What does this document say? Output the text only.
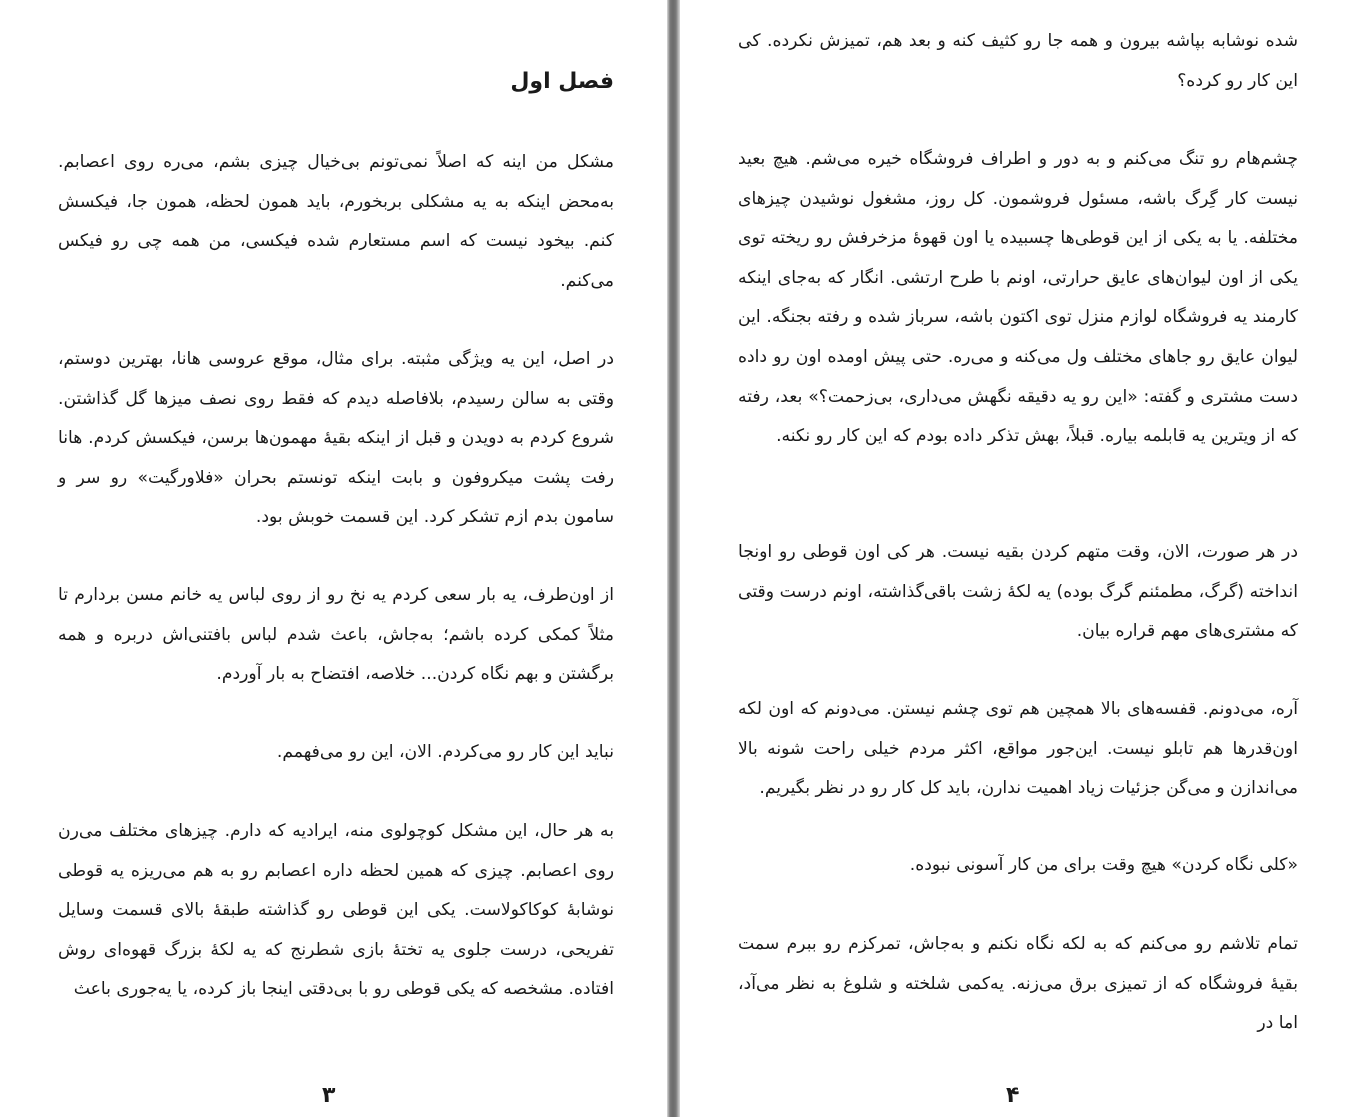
فصل اول

مشکل من اینه که اصلاً نمی‌تونم بی‌خیال چیزی بشم، می‌ره روی اعصابم. به‌محض اینکه به یه مشکلی بربخورم، باید همون لحظه، همون جا، فیکسش کنم. بیخود نیست که اسم مستعارم شده فیکسی، من همه چی رو فیکس می‌کنم.

در اصل، این یه ویژگی مثبته. برای مثال، موقع عروسی هانا، بهترین دوستم، وقتی به سالن رسیدم، بلافاصله دیدم که فقط روی نصف میزها گل گذاشتن. شروع کردم به دویدن و قبل از اینکه بقیهٔ مهمون‌ها برسن، فیکسش کردم. هانا رفت پشت میکروفون و بابت اینکه تونستم بحران «فلاورگیت» رو سر و سامون بدم ازم تشکر کرد. این قسمت خوبش بود.

از اون‌طرف، یه بار سعی کردم یه نخ رو از روی لباس یه خانم مسن بردارم تا مثلاً کمکی کرده باشم؛ به‌جاش، باعث شدم لباس بافتنی‌اش دربره و همه برگشتن و بهم نگاه کردن... خلاصه، افتضاح به بار آوردم.

نباید این کار رو می‌کردم. الان، این رو می‌فهمم.

به هر حال، این مشکل کوچولوی منه، ایرادیه که دارم. چیزهای مختلف می‌رن روی اعصابم. چیزی که همین لحظه داره اعصابم رو به هم می‌ریزه یه قوطی نوشابهٔ کوکاکولاست. یکی این قوطی رو گذاشته طبقهٔ بالای قسمت وسایل تفریحی، درست جلوی یه تختهٔ بازی شطرنج که یه لکهٔ بزرگ قهوه‌ای روش افتاده. مشخصه که یکی قوطی رو با بی‌دقتی اینجا باز کرده، یا یه‌جوری باعث

۳

شده نوشابه بپاشه بیرون و همه جا رو کثیف کنه و بعد هم، تمیزش نکرده. کی این کار رو کرده؟

چشم‌هام رو تنگ می‌کنم و به دور و اطراف فروشگاه خیره می‌شم. هیچ بعید نیست کار گِرگ باشه، مسئول فروشمون. کل روز، مشغول نوشیدن چیزهای مختلفه. یا به یکی از این قوطی‌ها چسبیده یا اون قهوهٔ مزخرفش رو ریخته توی یکی از اون لیوان‌های عایق حرارتی، اونم با طرح ارتشی. انگار که به‌جای اینکه کارمند یه فروشگاه لوازم منزل توی اکتون باشه، سرباز شده و رفته بجنگه. این لیوان عایق رو جاهای مختلف ول می‌کنه و می‌ره. حتی پیش اومده اون رو داده دست مشتری و گفته: «این رو یه دقیقه نگهش می‌داری، بی‌زحمت؟» بعد، رفته که از ویترین یه قابلمه بیاره. قبلاً، بهش تذکر داده بودم که این کار رو نکنه.

در هر صورت، الان، وقت متهم کردن بقیه نیست. هر کی اون قوطی رو اونجا انداخته (گرگ، مطمئنم گرگ بوده) یه لکهٔ زشت باقی‌گذاشته، اونم درست وقتی که مشتری‌های مهم قراره بیان.

آره، می‌دونم. قفسه‌های بالا همچین هم توی چشم نیستن. می‌دونم که اون لکه اون‌قدرها هم تابلو نیست. این‌جور مواقع، اکثر مردم خیلی راحت شونه بالا می‌اندازن و می‌گن جزئیات زیاد اهمیت ندارن، باید کل کار رو در نظر بگیریم.

«کلی نگاه کردن» هیچ وقت برای من کار آسونی نبوده.

تمام تلاشم رو می‌کنم که به لکه نگاه نکنم و به‌جاش، تمرکزم رو ببرم سمت بقیهٔ فروشگاه که از تمیزی برق می‌زنه. یه‌کمی شلخته و شلوغ به نظر می‌آد، اما در

۴
